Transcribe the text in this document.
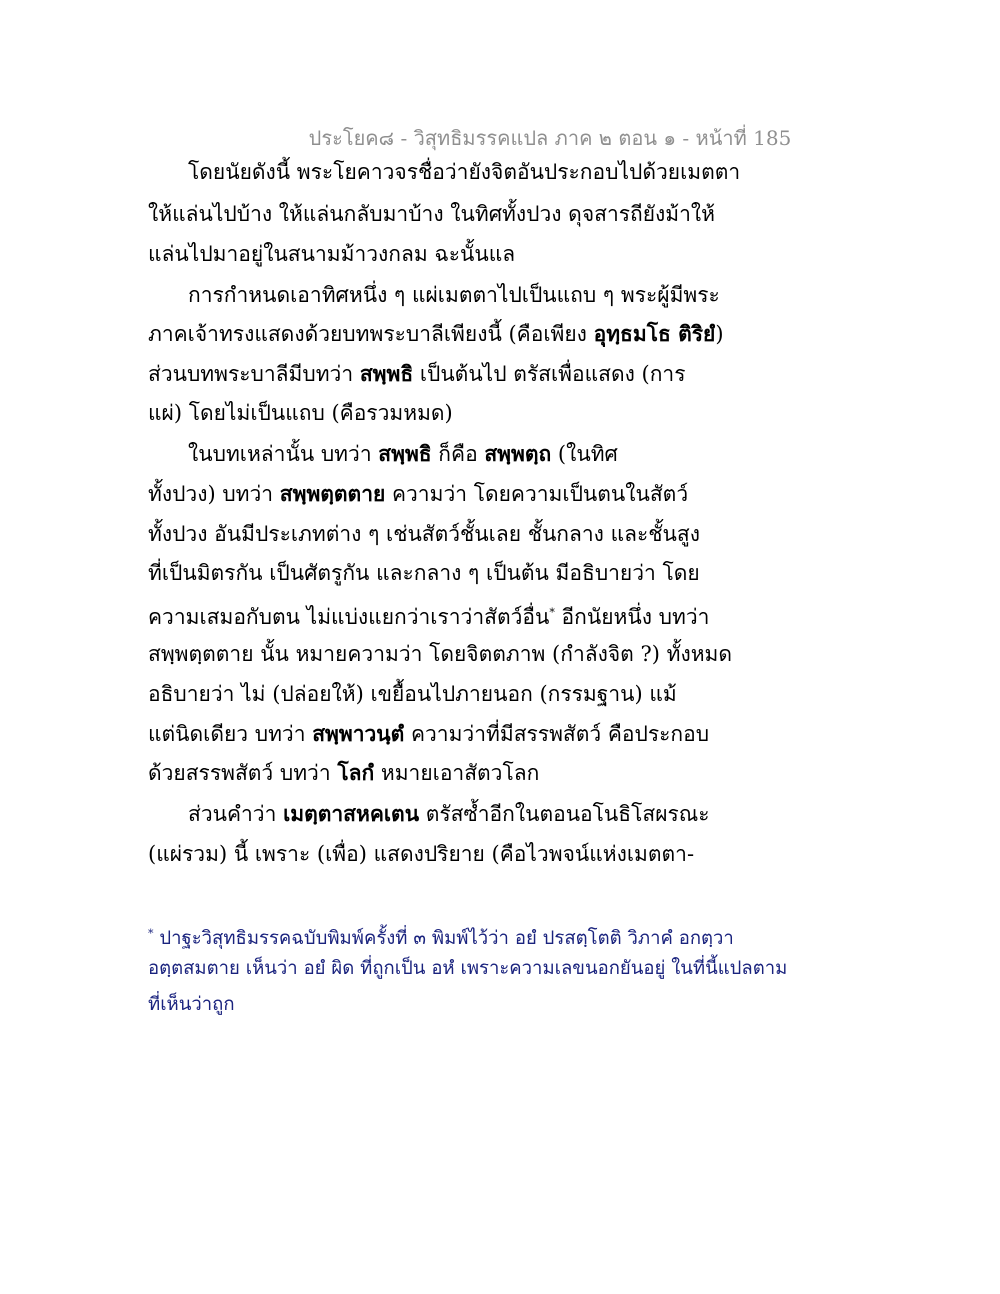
ประโยค๘ - วิสุทธิมรรคแปล ภาค ๒ ตอน ๑ - หน้าที่ 185
โดยนัยดังนี้ พระโยคาวจรชื่อว่ายังจิตอันประกอบไปด้วยเมตตา
ให้แล่นไปบ้าง ให้แล่นกลับมาบ้าง ในทิศทั้งปวง ดุจสารถียังม้าให้
แล่นไปมาอยู่ในสนามม้าวงกลม ฉะนั้นแล
การกำหนดเอาทิศหนึ่ง ๆ แผ่เมตตาไปเป็นแถบ ๆ พระผู้มีพระ
ภาคเจ้าทรงแสดงด้วยบทพระบาลีเพียงนี้ (คือเพียง อุทฺธมโธ ติริยํ)
ส่วนบทพระบาลีมีบทว่า สพฺพธิ เป็นต้นไป ตรัสเพื่อแสดง (การ
แผ่) โดยไม่เป็นแถบ (คือรวมหมด)
ในบทเหล่านั้น บทว่า สพฺพธิ ก็คือ สพฺพตฺถ (ในทิศ
ทั้งปวง) บทว่า สพฺพตฺตตาย ความว่า โดยความเป็นตนในสัตว์
ทั้งปวง อันมีประเภทต่าง ๆ เช่นสัตว์ชั้นเลย ชั้นกลาง และชั้นสูง
ที่เป็นมิตรกัน เป็นศัตรูกัน และกลาง ๆ เป็นต้น มีอธิบายว่า โดย
ความเสมอกับตน ไม่แบ่งแยกว่าเราว่าสัตว์อื่น* อีกนัยหนึ่ง บทว่า
สพฺพตฺตตาย นั้น หมายความว่า โดยจิตตภาพ (กำลังจิต ?) ทั้งหมด
อธิบายว่า ไม่ (ปล่อยให้) เขยื้อนไปภายนอก (กรรมฐาน) แม้
แต่นิดเดียว บทว่า สพฺพาวนฺตํ ความว่าที่มีสรรพสัตว์ คือประกอบ
ด้วยสรรพสัตว์ บทว่า โลกํ หมายเอาสัตวโลก
ส่วนคำว่า เมตฺตาสหคเตน ตรัสซ้ำอีกในตอนอโนธิโสผรณะ
(แผ่รวม) นี้ เพราะ (เพื่อ) แสดงปริยาย (คือไวพจน์แห่งเมตตา-
* ปาฐะวิสุทธิมรรคฉบับพิมพ์ครั้งที่ ๓ พิมพ์ไว้ว่า อยํ ปรสตฺโตติ วิภาคํ อกตฺวา
อตฺตสมตาย เห็นว่า อยํ ผิด ที่ถูกเป็น อหํ เพราะความเลขนอกยันอยู่ ในที่นี้แปลตาม
ที่เห็นว่าถูก
